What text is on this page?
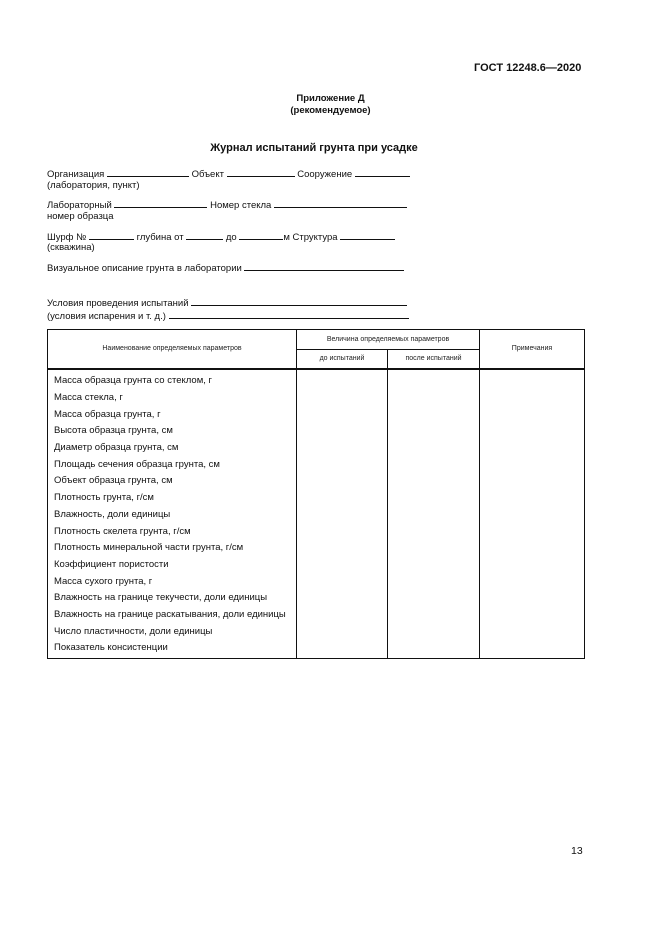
ГОСТ 12248.6—2020
Приложение Д
(рекомендуемое)
Журнал испытаний грунта при усадке
Организация	Объект	Сооружение
(лаборатория, пункт)
Лабораторный	Номер стекла
номер образца
Шурф №	глубина от	до	м Структура
(скважина)
Визуальное описание грунта в лаборатории
Условия проведения испытаний
(условия испарения и т. д.)
Наименование определяемых параметров	Величина определяемых параметров		Примечания
	до испытаний	после испытаний	
Масса образца грунта со стеклом, г			
Масса стекла, г			
Масса образца грунта, г			
Высота образца грунта, см			
Диаметр образца грунта, см			
Площадь сечения образца грунта, см			
Объект образца грунта, см			
Плотность грунта, г/см			
Влажность, доли единицы			
Плотность скелета грунта, г/см			
Плотность минеральной части грунта, г/см			
Коэффициент пористости			
Масса сухого грунта, г			
Влажность на границе текучести, доли единицы			
Влажность на границе раскатывания, доли единицы			
Число пластичности, доли единицы			
Показатель консистенции			
13
